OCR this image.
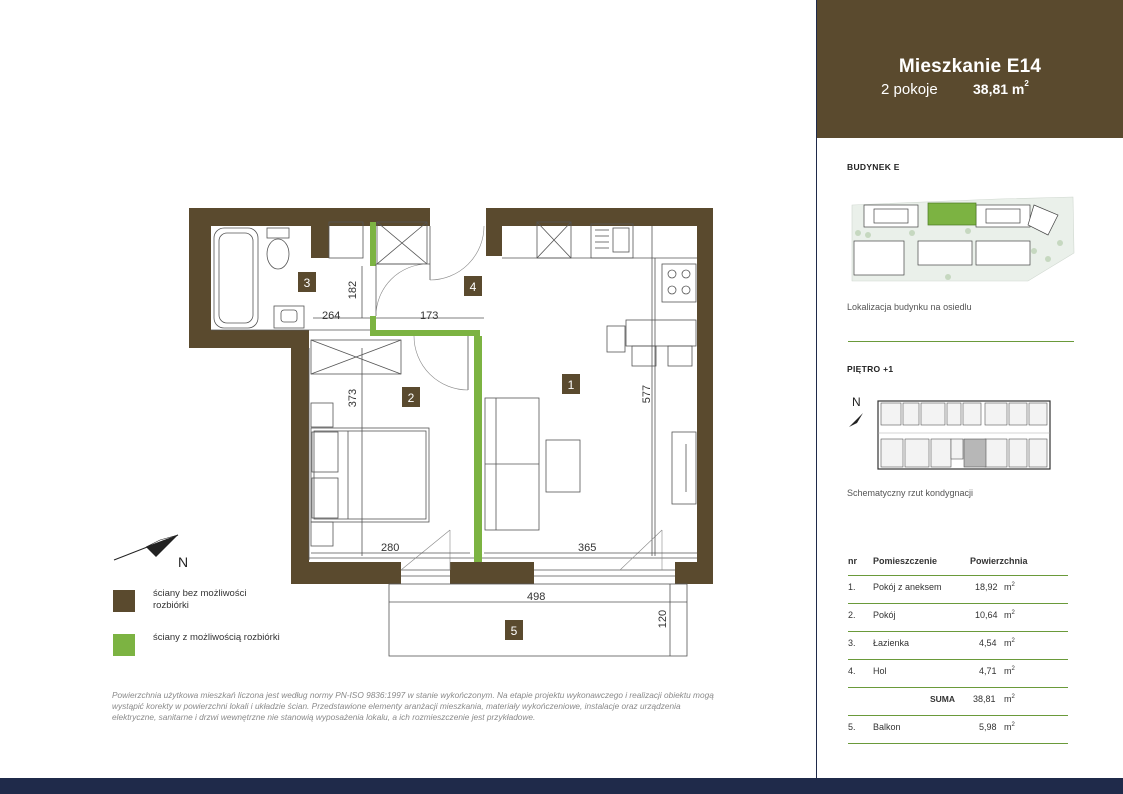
1
2
3	4
5
264	173
280	365
498
182
373	577
120
N
ściany bez możliwości rozbiórki
ściany z możliwością rozbiórki
Powierzchnia użytkowa mieszkań liczona jest według normy PN-ISO 9836:1997 w stanie wykończonym. Na etapie projektu wykonawczego i realizacji obiektu mogą wystąpić korekty w powierzchni lokali i układzie ścian. Przedstawione elementy aranżacji mieszkania, materiały wykończeniowe, instalacje oraz urządzenia elektryczne, sanitarne i drzwi wewnętrzne nie stanowią wyposażenia lokalu, a ich rozmieszczenie jest przykładowe.
Mieszkanie E14
2 pokoje	38,81 $m^2$
BUDYNEK E
Lokalizacja budynku na osiedlu
PIĘTRO +1
N
Schematyczny rzut kondygnacji
nr Pomieszczenie	Powierzchnia
1. Pokój z aneksem	18,92 $m^2$
2. Pokój	10,64 $m^2$
3. Łazienka	4,54 $m^2$
4. Hol	4,71 $m^2$
SUMA 38,81 $m^2$
5. Balkon	5,98 $m^2$
